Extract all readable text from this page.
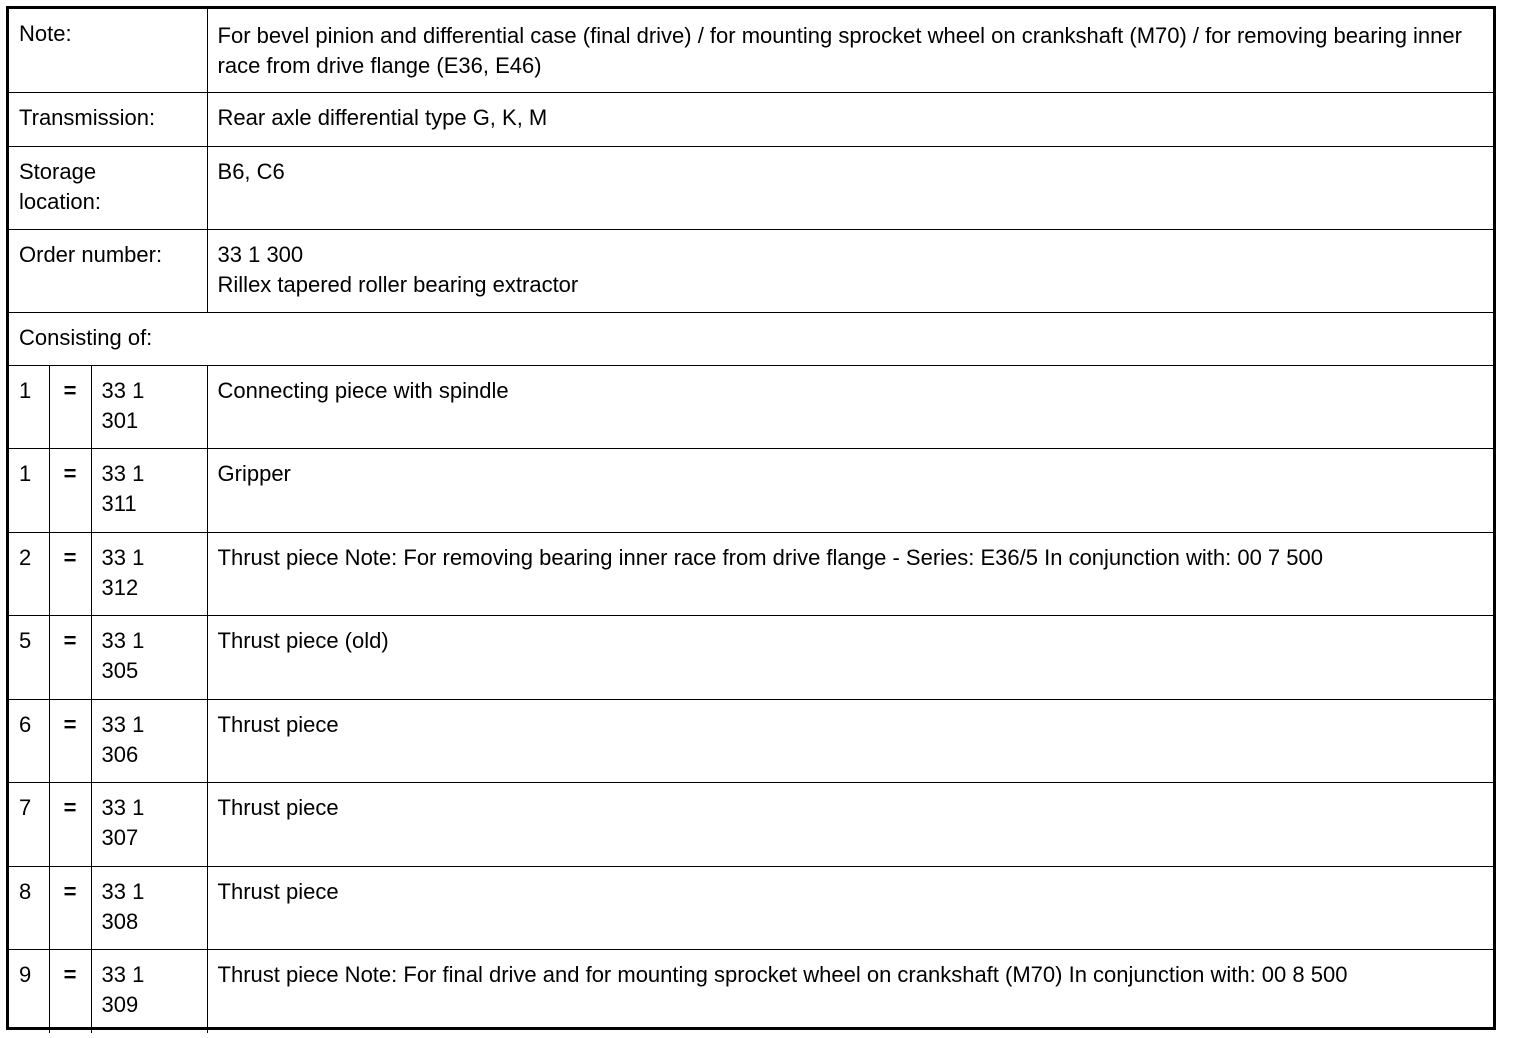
Note:			For bevel pinion and differential case (final drive) / for mounting sprocket wheel on crankshaft (M70) / for removing bearing inner race from drive flange (E36, E46)
Transmission:			Rear axle differential type G, K, M
Storage location:			B6, C6
Order number:			33 1 300
Rillex tapered roller bearing extractor

Consisting of:			
1	=	33 1 301	Connecting piece with spindle
1	=	33 1 311	Gripper
2	=	33 1 312	Thrust piece Note: For removing bearing inner race from drive flange - Series: E36/5 In conjunction with: 00 7 500
5	=	33 1 305	Thrust piece (old)
6	=	33 1 306	Thrust piece
7	=	33 1 307	Thrust piece
8	=	33 1 308	Thrust piece
9	=	33 1 309	Thrust piece Note: For final drive and for mounting sprocket wheel on crankshaft (M70) In conjunction with: 00 8 500
